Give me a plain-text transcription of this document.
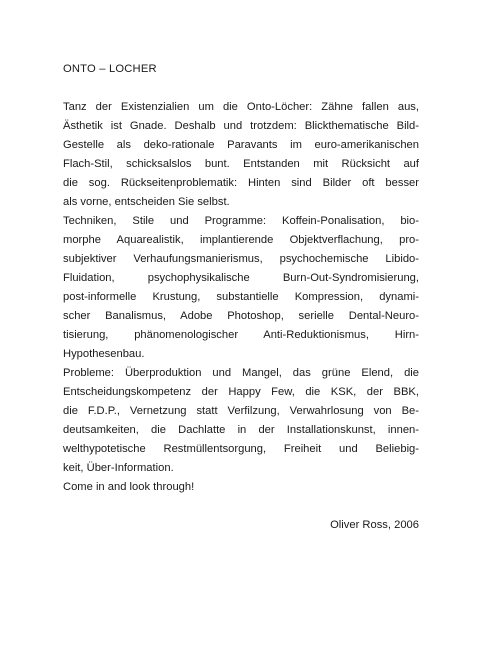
ONTO – LOCHER
Tanz der Existenzialien um die Onto-Löcher: Zähne fallen aus,
Ästhetik ist Gnade. Deshalb und trotzdem: Blickthematische Bild-
Gestelle als deko-rationale Paravants im euro-amerikanischen
Flach-Stil, schicksalslos bunt. Entstanden mit Rücksicht auf
die sog. Rückseitenproblematik: Hinten sind Bilder oft besser
als vorne, entscheiden Sie selbst.
Techniken, Stile und Programme: Koffein-Ponalisation, bio-
morphe Aquarealistik, implantierende Objektverflachung, pro-
subjektiver Verhaufungsmanierismus, psychochemische Libido-
Fluidation, psychophysikalische Burn-Out-Syndromisierung,
post-informelle Krustung, substantielle Kompression, dynami-
scher Banalismus, Adobe Photoshop, serielle Dental-Neuro-
tisierung, phänomenologischer Anti-Reduktionismus, Hirn-
Hypothesenbau.
Probleme: Überproduktion und Mangel, das grüne Elend, die
Entscheidungskompetenz der Happy Few, die KSK, der BBK,
die F.D.P., Vernetzung statt Verfilzung, Verwahrlosung von Be-
deutsamkeiten, die Dachlatte in der Installationskunst, innen-
welthypotetische Restmüllentsorgung, Freiheit und Beliebig-
keit, Über-Information.
Come in and look through!
Oliver Ross, 2006
